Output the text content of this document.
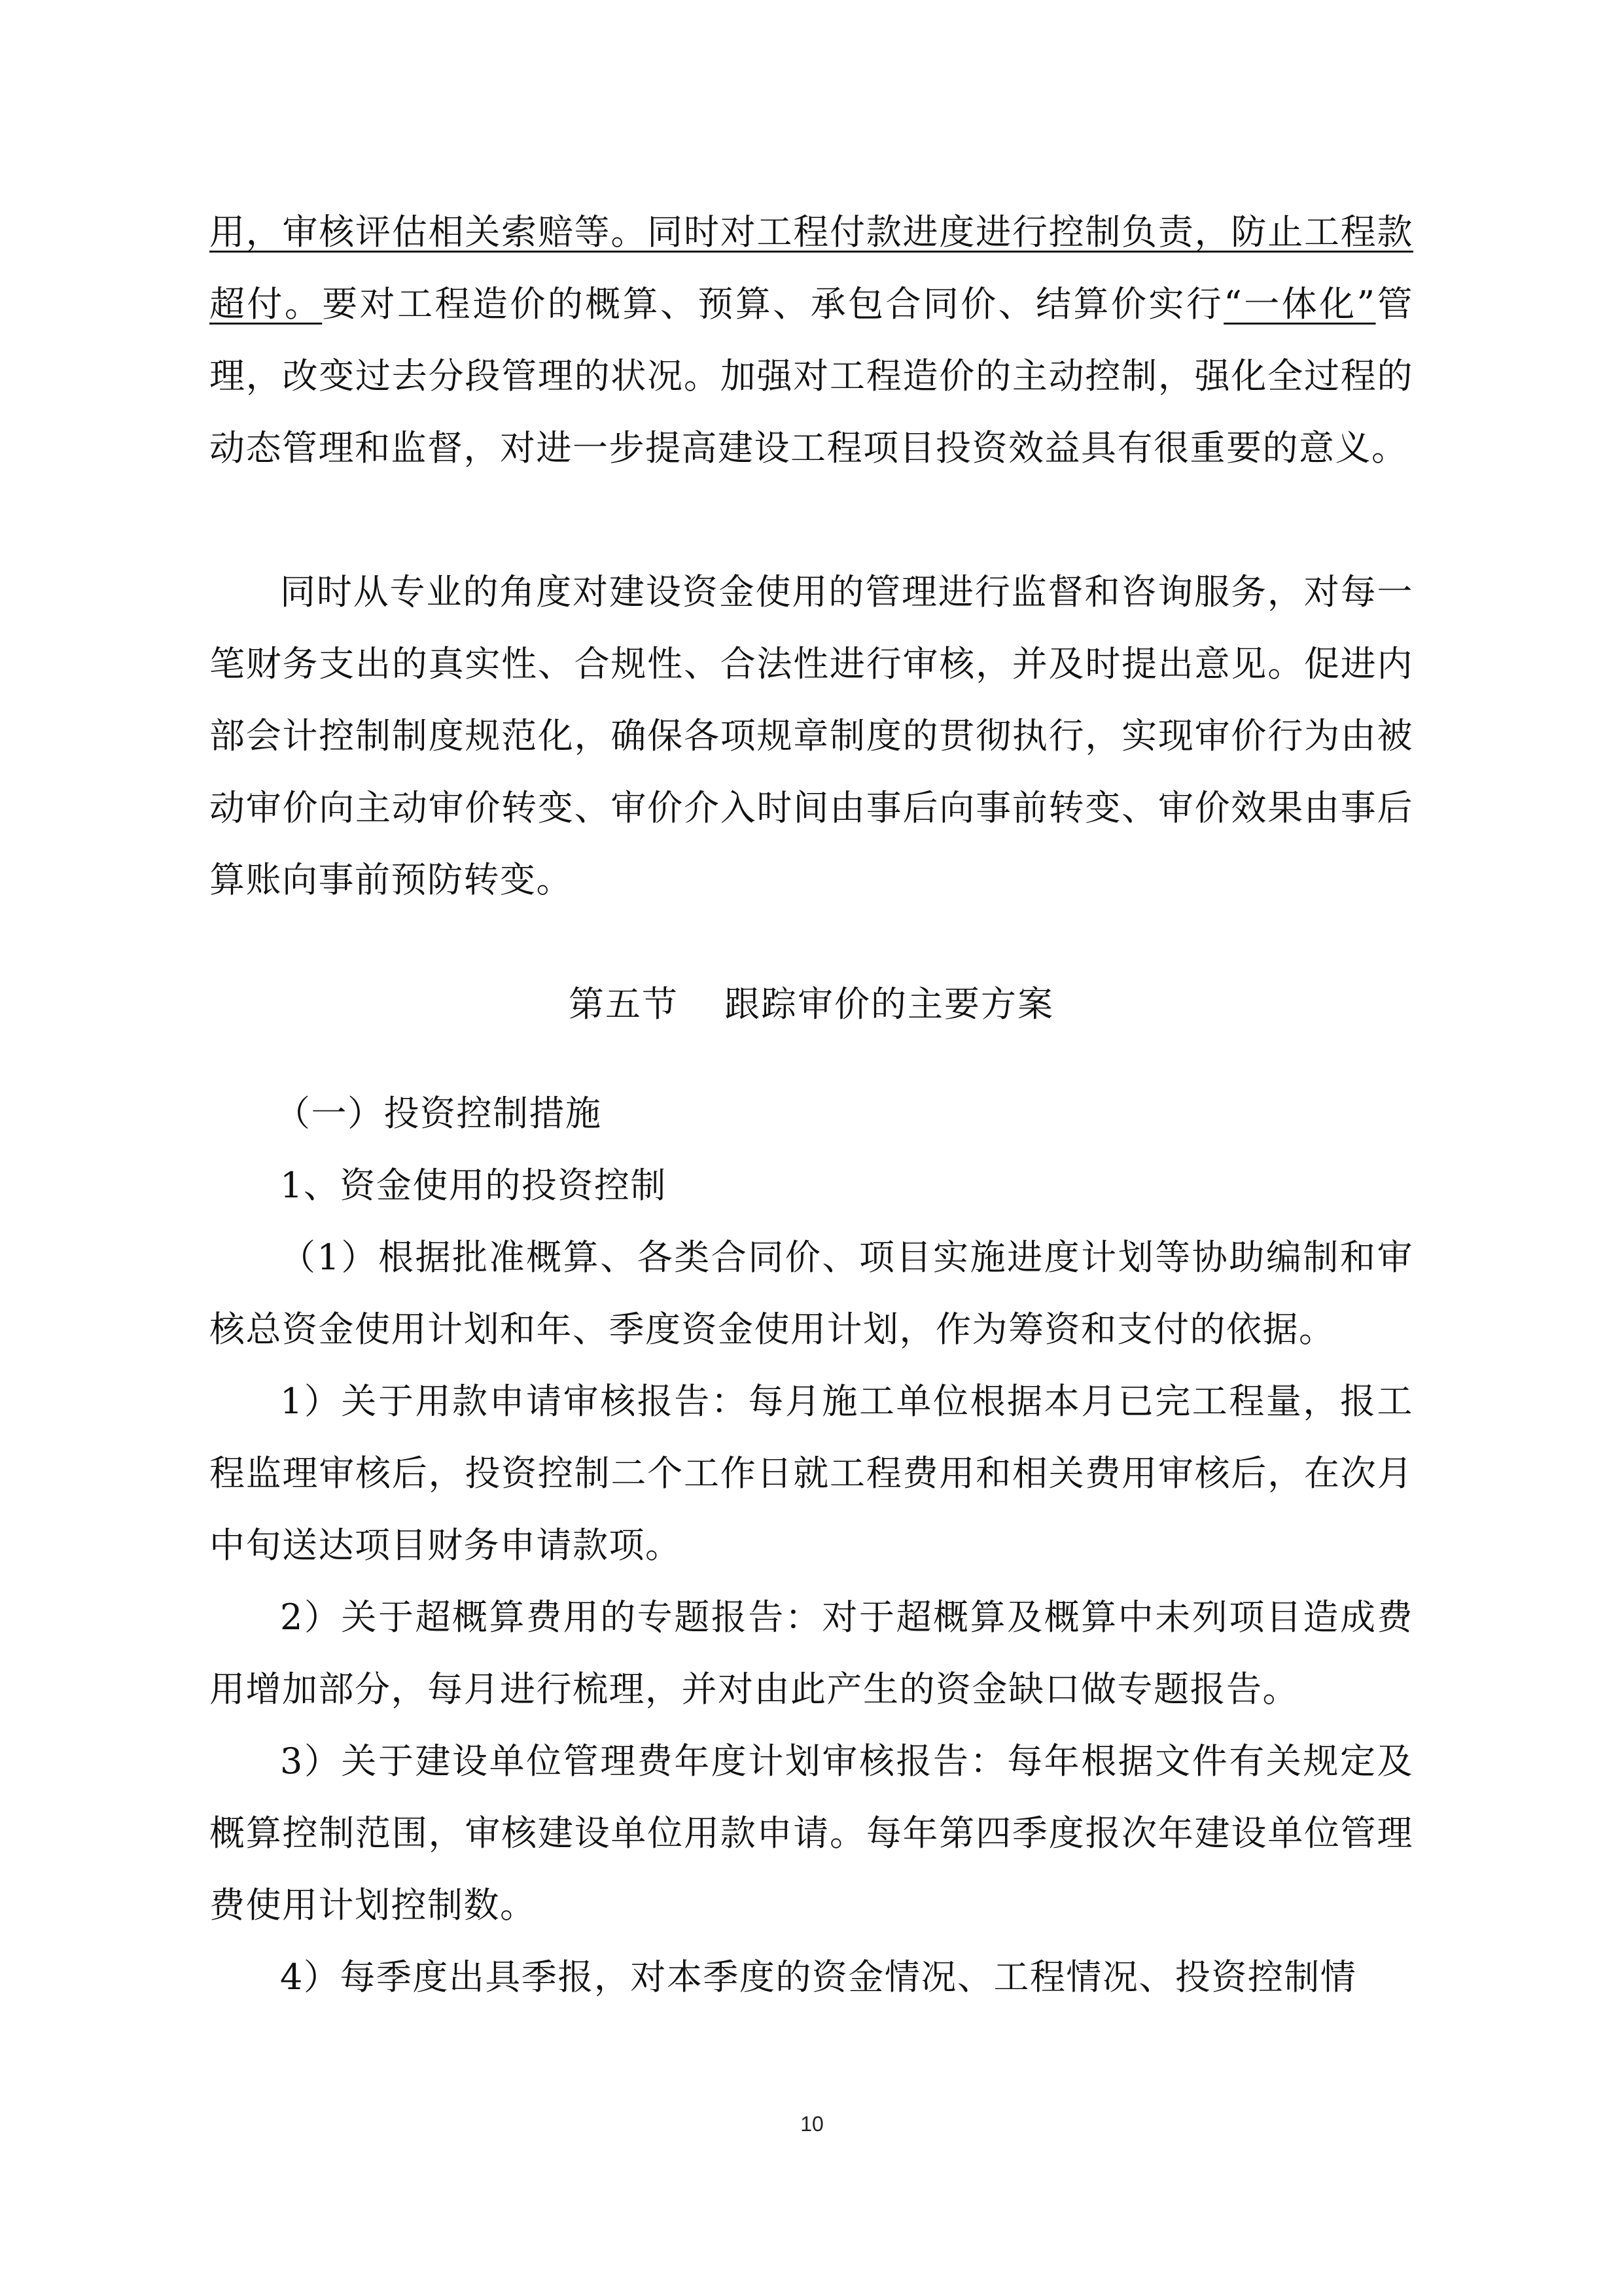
用，审核评估相关索赔等。同时对工程付款进度进行控制负责，防止工程款超付。要对工程造价的概算、预算、承包合同价、结算价实行“一体化”管理，改变过去分段管理的状况。加强对工程造价的主动控制，强化全过程的动态管理和监督，对进一步提高建设工程项目投资效益具有很重要的意义。

同时从专业的角度对建设资金使用的管理进行监督和咨询服务，对每一笔财务支出的真实性、合规性、合法性进行审核，并及时提出意见。促进内部会计控制制度规范化，确保各项规章制度的贯彻执行，实现审价行为由被动审价向主动审价转变、审价介入时间由事后向事前转变、审价效果由事后算账向事前预防转变。

第五节 跟踪审价的主要方案

（一）投资控制措施

1、资金使用的投资控制

（1）根据批准概算、各类合同价、项目实施进度计划等协助编制和审核总资金使用计划和年、季度资金使用计划，作为筹资和支付的依据。

1）关于用款申请审核报告：每月施工单位根据本月已完工程量，报工程监理审核后，投资控制二个工作日就工程费用和相关费用审核后，在次月中旬送达项目财务申请款项。

2）关于超概算费用的专题报告：对于超概算及概算中未列项目造成费用增加部分，每月进行梳理，并对由此产生的资金缺口做专题报告。

3）关于建设单位管理费年度计划审核报告：每年根据文件有关规定及概算控制范围，审核建设单位用款申请。每年第四季度报次年建设单位管理费使用计划控制数。

4）每季度出具季报，对本季度的资金情况、工程情况、投资控制情

10
